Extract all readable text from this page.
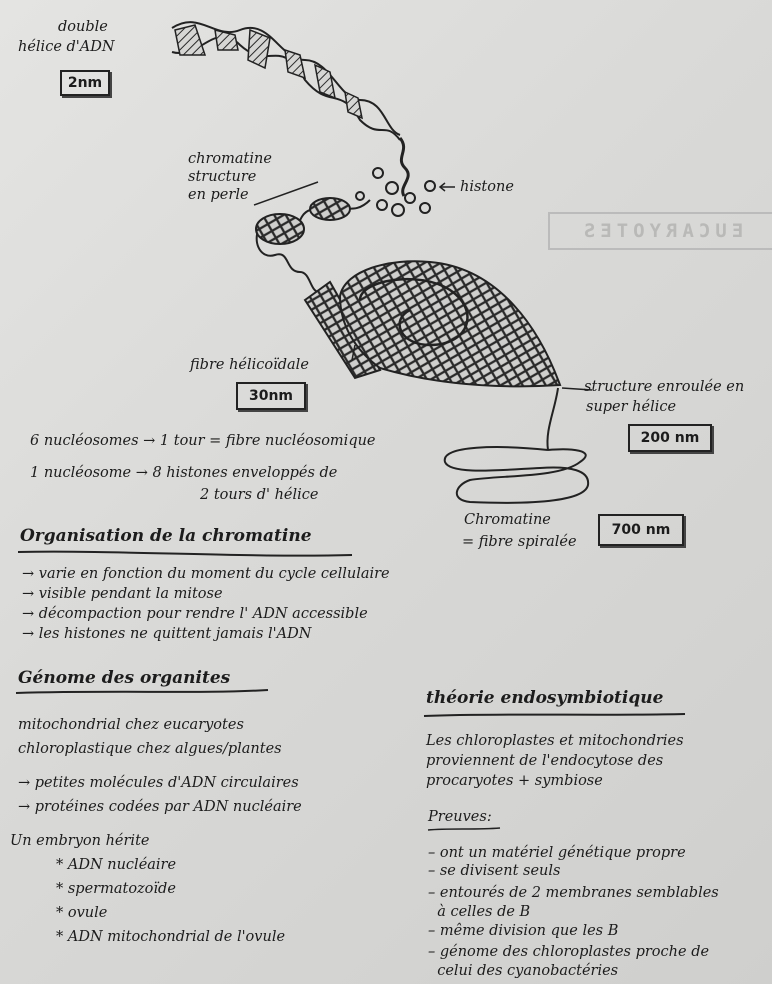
EUCARYOTES
double
hélice d'ADN
2nm
chromatine
structure
en perle	histone
fibre hélicoïdale
30nm
structure enroulée en
super hélice
200 nm
Chromatine
= fibre spiralée
700 nm
6 nucléosomes → 1 tour = fibre nucléosomique
1 nucléosome → 8 histones enveloppés de
2 tours d' hélice
Organisation de la chromatine
→ varie en fonction du moment du cycle cellulaire
→ visible pendant la mitose
→ décompaction pour rendre l' ADN accessible
→ les histones ne quittent jamais l'ADN
Génome des organites
mitochondrial chez eucaryotes
chloroplastique chez algues/plantes
→ petites molécules d'ADN circulaires
→ protéines codées par ADN nucléaire
Un embryon hérite
* ADN nucléaire
* spermatozoïde
* ovule
* ADN mitochondrial de l'ovule
théorie endosymbiotique
Les chloroplastes et mitochondries
proviennent de l'endocytose des
procaryotes + symbiose
Preuves:
– ont un matériel génétique propre
– se divisent seuls
– entourés de 2 membranes semblables
à celles de B
– même division que les B
– génome des chloroplastes proche de
celui des cyanobactéries
